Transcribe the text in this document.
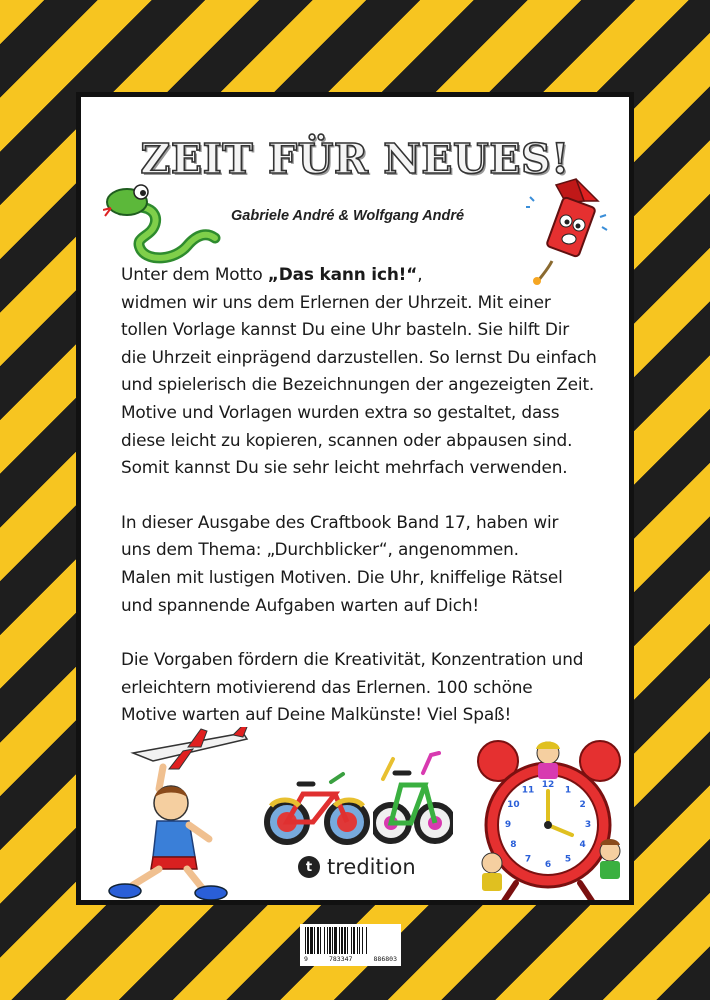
ZEIT FÜR NEUES!
Gabriele André & Wolfgang André

Unter dem Motto „Das kann ich!“,
widmen wir uns dem Erlernen der Uhrzeit. Mit einer
tollen Vorlage kannst Du eine Uhr basteln. Sie hilft Dir
die Uhrzeit einprägend darzustellen. So lernst Du einfach
und spielerisch die Bezeichnungen der angezeigten Zeit.
Motive und Vorlagen wurden extra so gestaltet, dass
diese leicht zu kopieren, scannen oder abpausen sind.
Somit kannst Du sie sehr leicht mehrfach verwenden.

In dieser Ausgabe des Craftbook Band 17, haben wir
uns dem Thema: „Durchblicker“, angenommen.
Malen mit lustigen Motiven. Die Uhr, kniffelige Rätsel
und spannende Aufgaben warten auf Dich!

Die Vorgaben fördern die Kreativität, Konzentration und
erleichtern motivierend das Erlernen. 100 schöne
Motive warten auf Deine Malkünste! Viel Spaß!

t tredition
12
1
2
3
4
5
6
7
8
9
10
11
9	783347	886803
